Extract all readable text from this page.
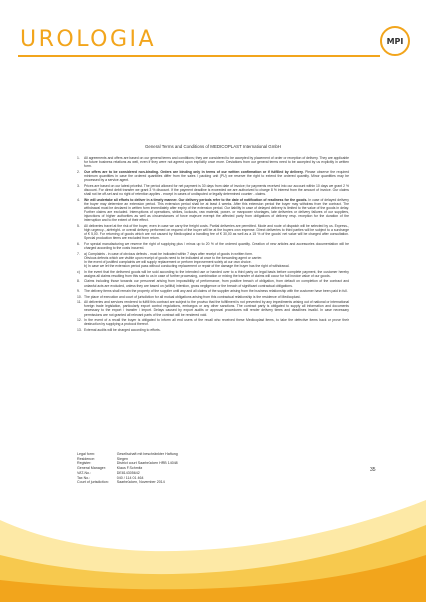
UROLOGIA	MPI

General Terms and Conditions of MEDICOPLAST International GmbH

1.	All agreements and offers are based on our general terms and conditions; they are considered to be accepted by placement of order or reception of delivery. They are applicable for future business relations as well, even if they were not agreed upon explicitly once more. Deviations from our general terms need to be accepted by us explicitly in written form.
2.	Our offers are to be considered non-binding. Orders are binding only in terms of our written confirmation or if fulfilled by delivery. Please observe the required minimum quantities in case the ordered quantities differ from the sales / packing unit (PU) we reserve the right to extend the ordered quantity. Minor quantities may be processed by a service agent.
3.	Prices are based on our latest pricelist. The period allowed for net payment is 30 days from date of invoice; for payments received into our account within 10 days we grant 2 % discount. For direct debit transfer we grant 3 % discount. If the payment deadline is exceeded we are authorized to charge 8 % interest from the amount of invoice. Our claims shall not be off-set and no right of retention applies - except in cases of undisputed or legally determined counter - claims.
4.	We will undertake all efforts to deliver in a timely manner. Our delivery periods refer to the date of notification of readiness for the goods. In case of delayed delivery the buyer may determine an extension period. This extension period shall be at least 4 weeks. After this extension period the buyer may withdraw from the contract. The withdrawal must be declared in written form immediately after expiry of the extension period. Our liability in case of delayed delivery is limited to the value of the goods in delay. Further claims are excluded. Interruptions of operations, strikes, lockouts, raw material, power- or manpower shortages, late deliveries or delivery failures of our suppliers, injunctions of higher authorities as well as circumstances of force majeure exempt the affected party from obligations of delivery resp. reception for the duration of the interruption and to the extent of their effect.
5.	All deliveries travel at the risk of the buyer, even in case we carry the freight costs. Partial deliveries are permitted. Mode and route of dispatch will be selected by us. Express-, high urgency-, airfreight- or overall delivery performed on request of the buyer will be at the buyers own expense. Direct deliveries to third parties will be subject to a surcharge of € 5,00. For returning of goods which are not caused by Medicoplast a handling fee of € 30,00 as well as a 15 % of the goods' net value will be charged after consultation. Special production items are excluded from return.
6.	For special manufacturing we reserve the right of supplying plus / minus up to 20 % of the ordered quantity. Creation of new articles and accessories documentation will be charged according to the costs incurred.
7.	a) Complaints - in case of obvious defects - must be indicated within 7 days after receipt of goods in written form.
Obvious defects which are visible upon receipt of goods need to be indicated at once to the forwarding agent or carrier.
In the event of justified complaints we will supply replacement or perform improvement solely at our own choice.
b) In case we let the extension period pass without conducting replacement or repair of the damage the buyer has the right of withdrawal.
c)	In the event that the delivered goods will be sold according to the intended use or handed over to a third party on legal basis before complete payment, the customer hereby assigns all claims resulting from this sale to us in case of further processing, combination or mixing the transfer of claims will occur for full invoice value of our goods.
8.	Claims including those towards our personnel arising from impossibility of performance, from positive breach of obligation, from default on completion of the contract and unlawful acts are excluded, unless they are based on (willful) intention, gross negligence or the breach of significant contractual obligations.
9.	The delivery items shall remain the property of the supplier until any and all claims of the supplier arising from the business relationship with the customer have been paid in full.
10. The place of execution and court of jurisdiction for all mutual obligations arising from this contractual relationship is the residence of Medicoplast.
11. All deliveries and services rendered to fulfill this contract are subject to the proviso that the fulfillment is not prevented by any impediments arising out of national or international foreign trade legislation, particularly export control regulations, embargos or any other sanctions. The contract party is obligated to supply all information and documents necessary to the export / transfer / import. Delays caused by export audits or approval procedures will render delivery times and deadlines invalid. In case necessary permissions are not granted all relevant parts of the contract will be rendered void.
12. In the event of a recall the buyer is obligated to inform all end users of the recall who received these Medicoplast items, to take the defective items back or prove their destruction by supplying a protocol thereof.
13. External audits will be charged according to efforts.
Legal form:	Gesellschaft mit beschränkter Haftung
Residence:	Siegen
Register:	District court Saarbrücken HRB 14048
General Manager:	Klaus F.Schmitz
VAT-No.:	DE814305642
Tax No.:	040 / 114 01 464
Court of jurisdiction:	Saarbrücken, November 2014
35
